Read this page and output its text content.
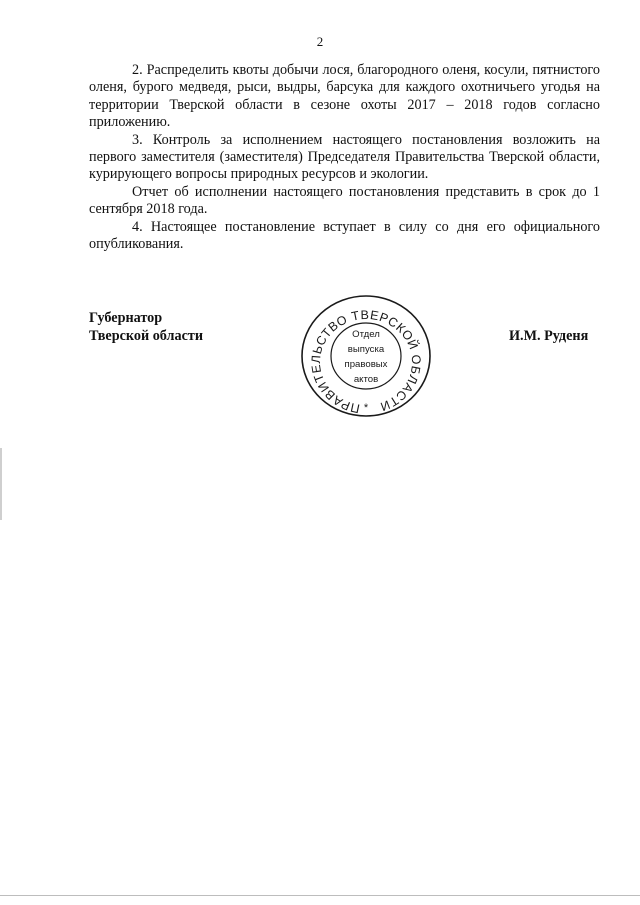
2

2. Распределить квоты добычи лося, благородного оленя, косули, пятнистого оленя, бурого медведя, рыси, выдры, барсука для каждого охотничьего угодья на территории Тверской области в сезоне охоты 2017 – 2018 годов согласно приложению.

3. Контроль за исполнением настоящего постановления возложить на первого заместителя (заместителя) Председателя Правительства Тверской области, курирующего вопросы природных ресурсов и экологии.

Отчет об исполнении настоящего постановления представить в срок до 1 сентября 2018 года.

4. Настоящее постановление вступает в силу со дня его официального опубликования.

Губернатор
Тверской области
ПРАВИТЕЛЬСТВО ТВЕРСКОЙ ОБЛАСТИ
Отдел
выпуска
правовых
актов
*
И.М. Руденя
